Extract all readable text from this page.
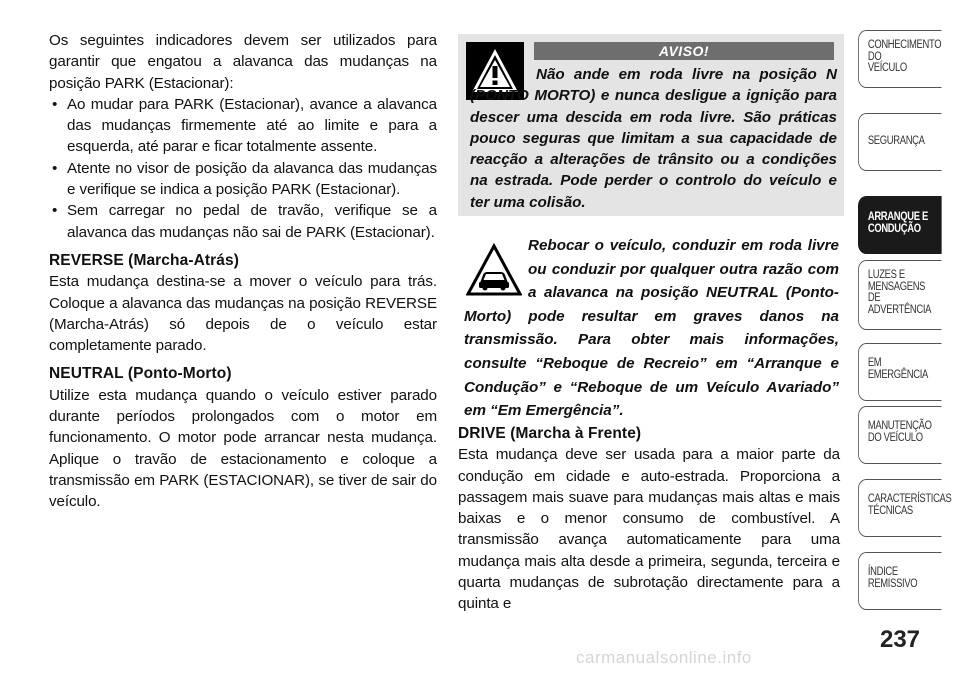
Os seguintes indicadores devem ser utilizados para garantir que engatou a alavanca das mudanças na posição PARK (Estacionar):

• Ao mudar para PARK (Estacionar), avance a alavanca das mudanças firmemente até ao limite e para a esquerda, até parar e ficar totalmente assente.

• Atente no visor de posição da alavanca das mudanças e verifique se indica a posição PARK (Estacionar).

• Sem carregar no pedal de travão, verifique se a alavanca das mudanças não sai de PARK (Estacionar).

REVERSE (Marcha-Atrás)

Esta mudança destina-se a mover o veículo para trás. Coloque a alavanca das mudanças na posição REVERSE (Marcha-Atrás) só depois de o veículo estar completamente parado.

NEUTRAL (Ponto-Morto)

Utilize esta mudança quando o veículo estiver parado durante períodos prolongados com o motor em funcionamento. O motor pode arrancar nesta mudança. Aplique o travão de estacionamento e coloque a transmissão em PARK (ESTACIONAR), se tiver de sair do veículo.

AVISO!
Não ande em roda livre na posição N (PONTO MORTO) e nunca desligue a ignição para descer uma descida em roda livre. São práticas pouco seguras que limitam a sua capacidade de reacção a alterações de trânsito ou a condições na estrada. Pode perder o controlo do veículo e ter uma colisão.
Rebocar o veículo, conduzir em roda livre ou conduzir por qualquer outra razão com a alavanca na posição NEUTRAL (Ponto-Morto) pode resultar em graves danos na transmissão. Para obter mais informações, consulte “Reboque de Recreio” em “Arranque e Condução” e “Reboque de um Veículo Avariado” em “Em Emergência”.

DRIVE (Marcha à Frente)

Esta mudança deve ser usada para a maior parte da condução em cidade e auto-estrada. Proporciona a passagem mais suave para mudanças mais altas e mais baixas e o menor consumo de combustível. A transmissão avança automaticamente para uma mudança mais alta desde a primeira, segunda, terceira e quarta mudanças de subrotação directamente para a quinta e

CONHECIMENTO
DO
VEÍCULO
SEGURANÇA
ARRANQUE E
CONDUÇÃO
LUZES E
MENSAGENS
DE
ADVERTÊNCIA
EM
EMERGÊNCIA
MANUTENÇÃO
DO VEÍCULO
CARACTERÍSTICAS
TÉCNICAS
ÍNDICE
REMISSIVO
237
carmanualsonline.info
